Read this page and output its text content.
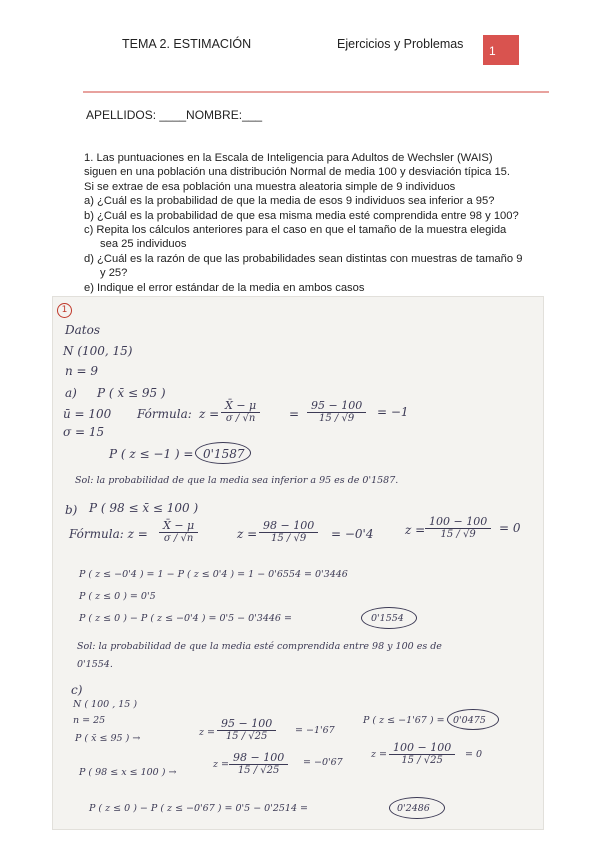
TEMA 2. ESTIMACIÓN	Ejercicios y Problemas	1
APELLIDOS: ____NOMBRE:___

1. Las puntuaciones en la Escala de Inteligencia para Adultos de Wechsler (WAIS) siguen en una población una distribución Normal de media 100 y desviación típica 15.

Si se extrae de esa población una muestra aleatoria simple de 9 individuos

a) ¿Cuál es la probabilidad de que la media de esos 9 individuos sea inferior a 95?

b) ¿Cuál es la probabilidad de que esa misma media esté comprendida entre 98 y 100?

c) Repita los cálculos anteriores para el caso en que el tamaño de la muestra elegida

sea 25 individuos

d) ¿Cuál es la razón de que las probabilidades sean distintas con muestras de tamaño 9

y 25?

e) Indique el error estándar de la media en ambos casos

1
Datos
N (100, 15)
n = 9
a) P ( x̄ ≤ 95 )
ū = 100
σ = 15
Fórmula: $z = \frac{X̄ - \mu}{\sigma / √n} = \frac{95 - 100}{15 / √9} = -1$
P ( z ≤ −1 ) = 0'1587
Sol: la probabilidad de que la media sea inferior a 95 es de 0'1587.
b) P ( 98 ≤ x̄ ≤ 100 )
Fórmula: $z = \frac{X̄ - \mu}{\sigma / √n}$	$z = \frac{98 - 100}{15 / √9} = -0'4$	$z = \frac{100 - 100}{15 / √9} = 0$
P ( z ≤ −0'4 ) = 1 − P ( z ≤ 0'4 ) = 1 − 0'6554 = 0'3446
P ( z ≤ 0 ) = 0'5
P ( z ≤ 0 ) − P ( z ≤ −0'4 ) = 0'5 − 0'3446 =	0'1554
Sol: la probabilidad de que la media esté comprendida entre 98 y 100 es de
0'1554.
c)
N ( 100 , 15 )
n = 25
P ( x̄ ≤ 95 ) →
$z = \frac{95 - 100}{15 / √25} = -1'67$
P ( z ≤ −1'67 ) = 0'0475
P ( 98 ≤ x ≤ 100 ) →
$z = \frac{98 - 100}{15 / √25} = -0'67$
$z = \frac{100 - 100}{15 / √25} = 0$
P ( z ≤ 0 ) − P ( z ≤ −0'67 ) = 0'5 − 0'2514 =	0'2486
